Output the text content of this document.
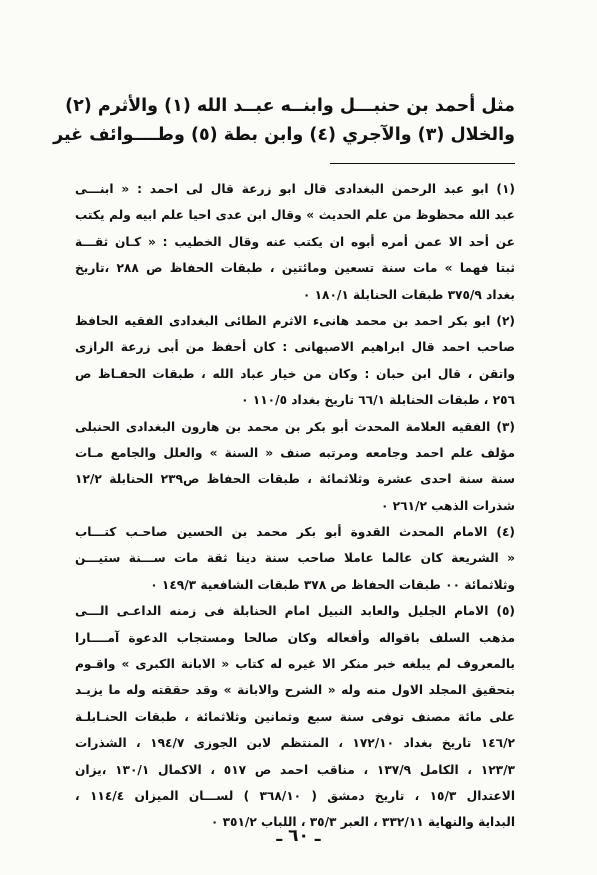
مثل أحمد بن حنبـــل وابنــه عبــد الله (١) والأثرم (٢)
والخلال (٣) والآجري (٤) وابن بطة (٥) وطــــوائف غير
(١) ابو عبد الرحمن البغدادى قال ابو زرعة قال لى احمد : « ابنـــى
عبد الله محظوظ من علم الحديث » وقال ابن عدى احيا علم ابيه ولم يكتب
عن أحد الا عمن أمره أبوه ان يكتب عنه وقال الخطيب : « كـان ثقـــة
ثبتا فهما » مات سنة تسعين ومائتين ، طبقات الحفاظ ص ٢٨٨ ،تاريخ
بغداد ٣٧٥/٩ طبقات الحنابلة ١٨٠/١ ٠
(٢) ابو بكر احمد بن محمد هانىء الاثرم الطائى البغدادى الفقيه الحافظ
صاحب احمد قال ابراهيم الاصبهانى : كان أحفظ من أبى زرعة الرازى
واتقن ، قال ابن حبان : وكان من خيار عباد الله ، طبقات الحفـاظ ص
٢٥٦ ، طبقات الحنابلة ٦٦/١ تاريخ بغداد ١١٠/٥ ٠
(٣) الفقيه العلامة المحدث أبو بكر بن محمد بن هارون البغدادى الحنبلى
مؤلف علم احمد وجامعه ومرتبه صنف « السنة » والعلل والجامع مـات
سنة سنة احدى عشرة وثلاثمائة ، طبقات الحفاظ ص٢٣٩ الحنابلة ١٢/٢
شذرات الذهب ٢٦١/٢ ٠
(٤) الامام المحدث القدوة أبو بكر محمد بن الحسين صاحـب كتـــاب
« الشريعة كان عالما عاملا صاحب سنة دينا ثقة مات ســـنة ستيـــن
وثلاثمائة ٠٠ طبقات الحفاظ ص ٣٧٨ طبقات الشافعية ١٤٩/٣ ٠
(٥) الامام الجليل والعابد النبيل امام الحنابلة فى زمنه الداعـى الـــى
مذهب السلف باقواله وأفعاله وكان صالحا ومستجاب الدعوة آمــــارا
بالمعروف لم يبلغه خبر منكر الا غيره له كتاب « الابانة الكبرى » واقـوم
بتحقيق المجلد الاول منه وله « الشرح والابانة » وقد حققته وله ما يزيـد
على مائة مصنف توفى سنة سبع وثمانين وثلاثمائة ، طبقات الحنـابلـة
١٤٦/٢ تاريخ بغداد ١٧٢/١٠ ، المنتظم لابن الجوزى ١٩٤/٧ ، الشذرات
١٢٣/٣ ، الكامل ١٣٧/٩ ، مناقب احمد ص ٥١٧ ، الاكمال ١٣٠/١ ،يزان
الاعتدال ١٥/٣ ، تاريخ دمشق ( ٣٦٨/١٠ ) لســـان الميزان ١١٤/٤ ،
البداية والنهاية ٣٣٢/١١ ، العبر ٣٥/٣ ، اللباب ٣٥١/٢ ٠
ـ ٦٠ ـ
